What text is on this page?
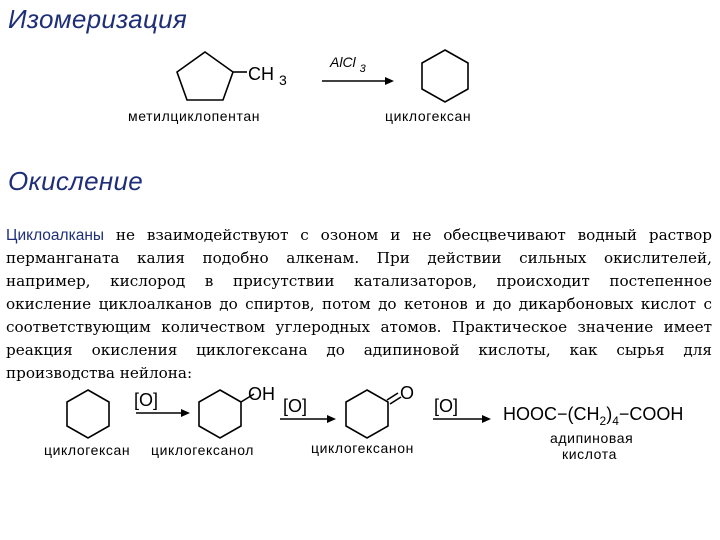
Изомеризация
CH $_3$
AlCl $_3$
метилциклопентан	циклогексан
[O]	OH
[O]
O
[O] $HOOC-(CH_2)_4-COOH$
циклогексан циклогексанол	циклогексанон
адипиновая
кислота
Окисление

Циклоалканы не взаимодействуют с озоном и не обесцвечивают водный раствор перманганата калия подобно алкенам. При действии сильных окислителей, например, кислород в присутствии катализаторов, происходит постепенное окисление циклоалканов до спиртов, потом до кетонов и до дикарбоновых кислот с соответствующим количеством углеродных атомов. Практическое значение имеет реакция окисления циклогексана до адипиновой кислоты, как сырья для производства нейлона:
